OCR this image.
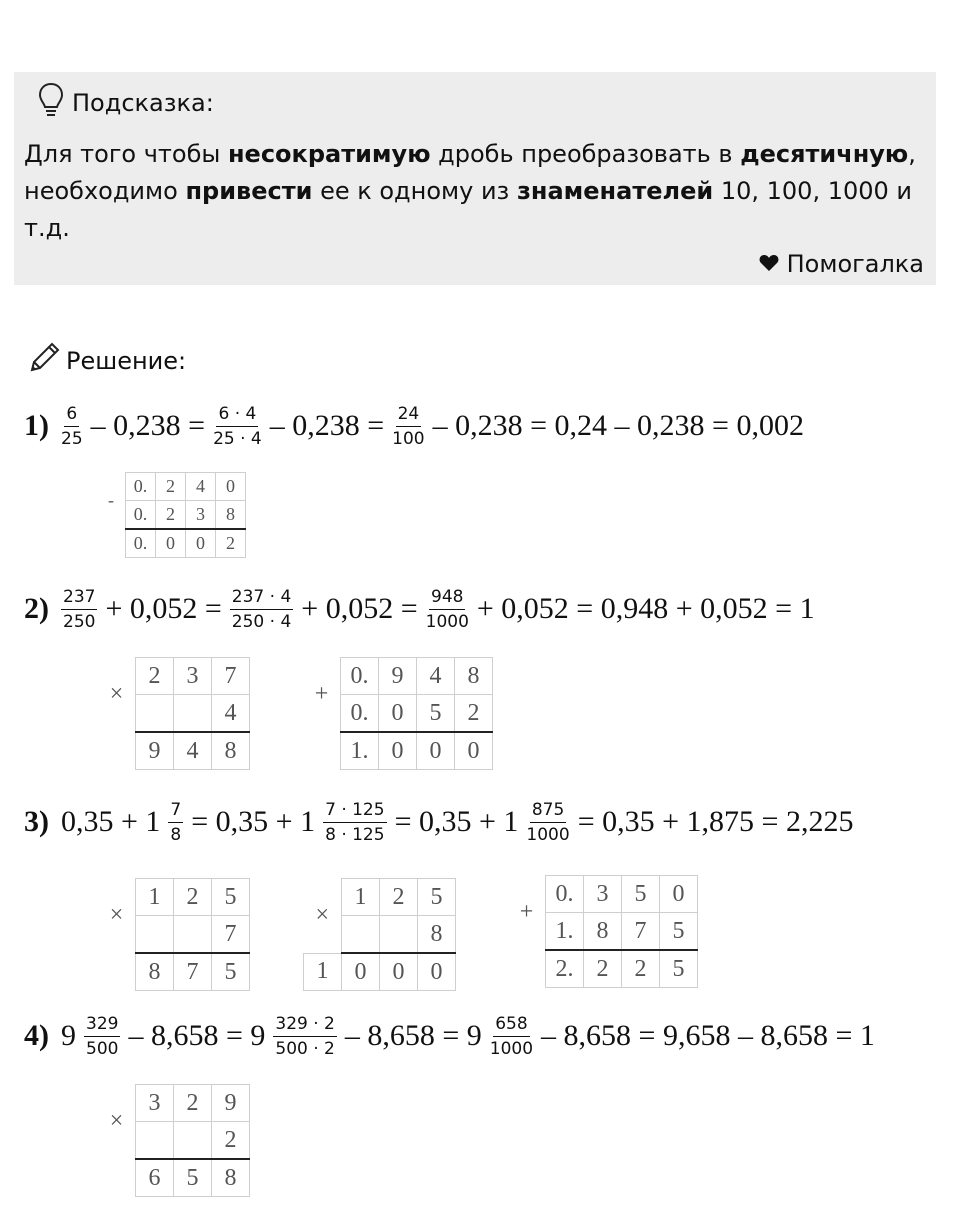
Подсказка:
Для того чтобы несократимую дробь преобразовать в десятичную,
необходимо привести ее к одному из знаменателей 10, 100, 1000 и
т.д.
Помогалка
Решение:
$1) \frac{6}{25} - 0,238 = \frac{6 \cdot 4}{25 \cdot 4} - 0,238 = \frac{24}{100} - 0,238 = 0,24 - 0,238 = 0,002$
$2) \frac{237}{250} + 0,052 = \frac{237 \cdot 4}{250 \cdot 4} + 0,052 = \frac{948}{1000} + 0,052 = 0,948 + 0,052 = 1$
3) $0,35 + 1 \frac{7}{8} = 0,35 + 1 \frac{7 \cdot 125}{8 \cdot 125} = 0,35 + 1 \frac{875}{1000} = 0,35 + 1,875 = 2,225$
4) $9 \frac{329}{500} - 8,658 = 9 \frac{329 \cdot 2}{500 \cdot 2} - 8,658 = 9 \frac{658}{1000} - 8,658 = 9,658 - 8,658 = 1$
-	0.	2	4	0
	0.	2	3	8
	0.	0	0	2
×	2	3	7
			4
	9	4	8
+	0.	9	4	8
	0.	0	5	2
	1.	0	0	0
×	1	2	5
			7
	8	7	5
×	1	2	5
			8
1	0	0	0
+	0.	3	5	0
	1.	8	7	5
	2.	2	2	5
×	3	2	9
			2
	6	5	8
